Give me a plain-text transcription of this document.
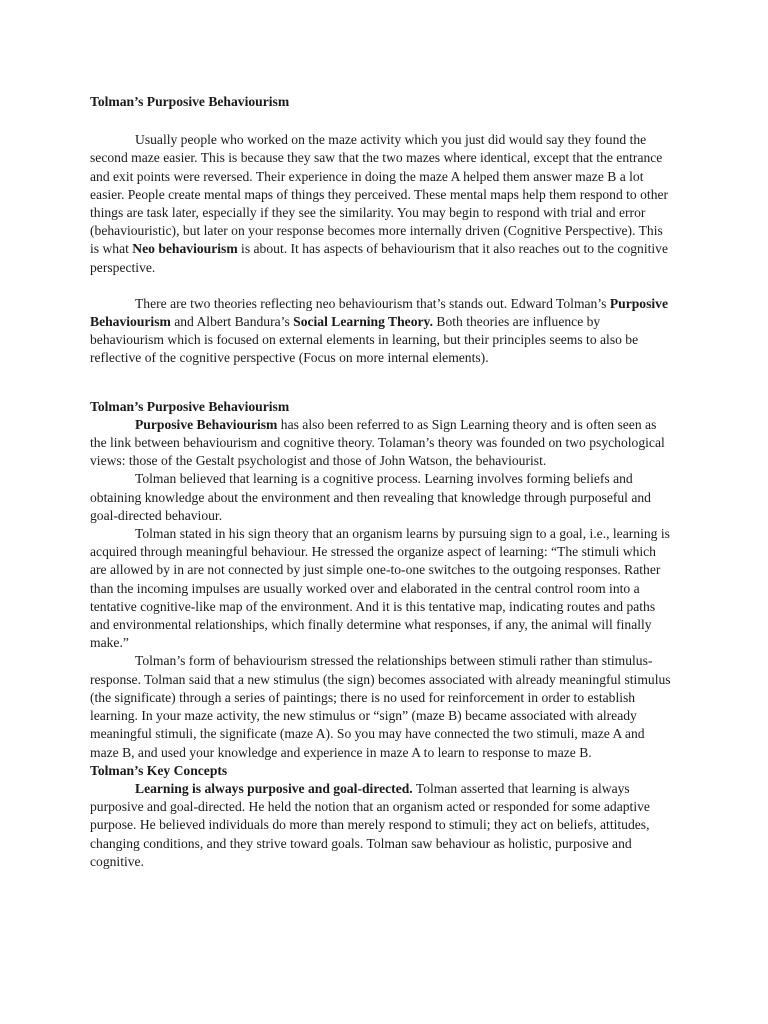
Tolman’s Purposive Behaviourism

Usually people who worked on the maze activity which you just did would say they found the second maze easier. This is because they saw that the two mazes where identical, except that the entrance and exit points were reversed. Their experience in doing the maze A helped them answer maze B a lot easier. People create mental maps of things they perceived. These mental maps help them respond to other things are task later, especially if they see the similarity. You may begin to respond with trial and error (behaviouristic), but later on your response becomes more internally driven (Cognitive Perspective). This is what Neo behaviourism is about. It has aspects of behaviourism that it also reaches out to the cognitive perspective.

There are two theories reflecting neo behaviourism that’s stands out. Edward Tolman’s Purposive Behaviourism and Albert Bandura’s Social Learning Theory. Both theories are influence by behaviourism which is focused on external elements in learning, but their principles seems to also be reflective of the cognitive perspective (Focus on more internal elements).

Tolman’s Purposive Behaviourism

Purposive Behaviourism has also been referred to as Sign Learning theory and is often seen as the link between behaviourism and cognitive theory. Tolaman’s theory was founded on two psychological views: those of the Gestalt psychologist and those of John Watson, the behaviourist.

Tolman believed that learning is a cognitive process. Learning involves forming beliefs and obtaining knowledge about the environment and then revealing that knowledge through purposeful and goal-directed behaviour.

Tolman stated in his sign theory that an organism learns by pursuing sign to a goal, i.e., learning is acquired through meaningful behaviour. He stressed the organize aspect of learning: “The stimuli which are allowed by in are not connected by just simple one-to-one switches to the outgoing responses. Rather than the incoming impulses are usually worked over and elaborated in the central control room into a tentative cognitive-like map of the environment. And it is this tentative map, indicating routes and paths and environmental relationships, which finally determine what responses, if any, the animal will finally make.”

Tolman’s form of behaviourism stressed the relationships between stimuli rather than stimulus-response. Tolman said that a new stimulus (the sign) becomes associated with already meaningful stimulus (the significate) through a series of paintings; there is no used for reinforcement in order to establish learning. In your maze activity, the new stimulus or “sign” (maze B) became associated with already meaningful stimuli, the significate (maze A). So you may have connected the two stimuli, maze A and maze B, and used your knowledge and experience in maze A to learn to response to maze B.

Tolman’s Key Concepts

Learning is always purposive and goal-directed. Tolman asserted that learning is always purposive and goal-directed. He held the notion that an organism acted or responded for some adaptive purpose. He believed individuals do more than merely respond to stimuli; they act on beliefs, attitudes, changing conditions, and they strive toward goals. Tolman saw behaviour as holistic, purposive and cognitive.
